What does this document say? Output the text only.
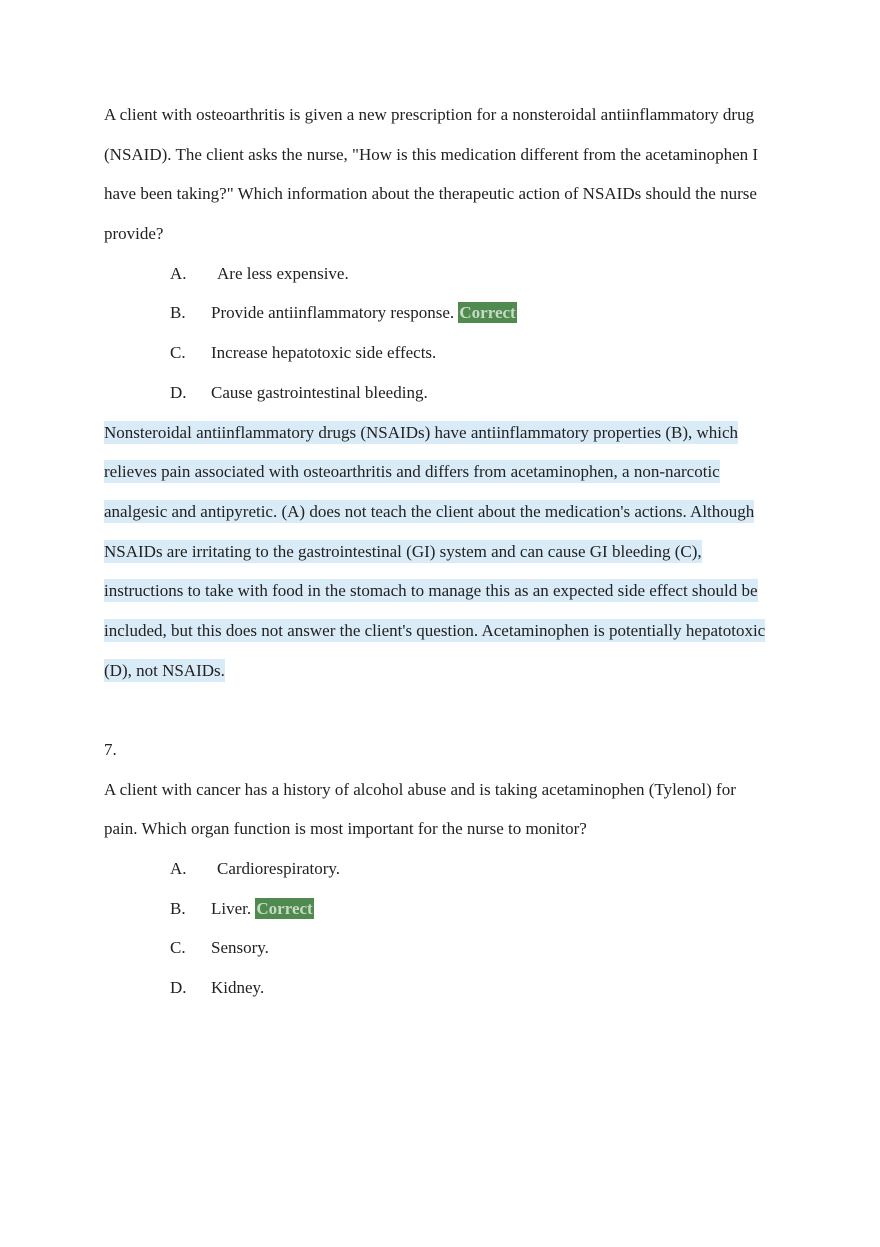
A client with osteoarthritis is given a new prescription for a nonsteroidal antiinflammatory drug
(NSAID). The client asks the nurse, "How is this medication different from the acetaminophen I
have been taking?" Which information about the therapeutic action of NSAIDs should the nurse
provide?
A. Are less expensive.
B. Provide antiinflammatory response. Correct
C. Increase hepatotoxic side effects.
D. Cause gastrointestinal bleeding.
Nonsteroidal antiinflammatory drugs (NSAIDs) have antiinflammatory properties (B), which
relieves pain associated with osteoarthritis and differs from acetaminophen, a non-narcotic
analgesic and antipyretic. (A) does not teach the client about the medication's actions. Although
NSAIDs are irritating to the gastrointestinal (GI) system and can cause GI bleeding (C),
instructions to take with food in the stomach to manage this as an expected side effect should be
included, but this does not answer the client's question. Acetaminophen is potentially hepatotoxic
(D), not NSAIDs.
7.
A client with cancer has a history of alcohol abuse and is taking acetaminophen (Tylenol) for
pain. Which organ function is most important for the nurse to monitor?
A. Cardiorespiratory.
B. Liver. Correct
C. Sensory.
D. Kidney.
